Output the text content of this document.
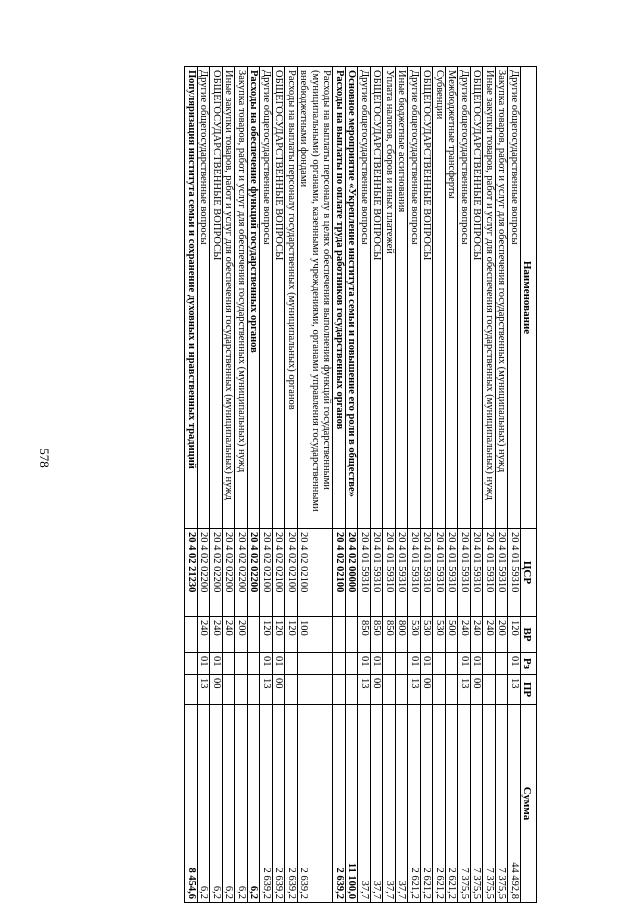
578
Наименование	ЦСР	ВР	Рз	ПР	Сумма
Другие общегосударственные вопросы	20 4 01 59310	120	01	13	44 492,8
Закупка товаров, работ и услуг для обеспечения государственных (муниципальных) нужд	20 4 01 59310	200			7 375,5
Иные закупки товаров, работ и услуг для обеспечения государственных (муниципальных) нужд	20 4 01 59310	240			7 375,5
ОБЩЕГОСУДАРСТВЕННЫЕ ВОПРОСЫ	20 4 01 59310	240	01	00	7 375,5
Другие общегосударственные вопросы	20 4 01 59310	240	01	13	7 375,5
Межбюджетные трансферты	20 4 01 59310	500			2 621,2
Субвенции	20 4 01 59310	530			2 621,2
ОБЩЕГОСУДАРСТВЕННЫЕ ВОПРОСЫ	20 4 01 59310	530	01	00	2 621,2
Другие общегосударственные вопросы	20 4 01 59310	530	01	13	2 621,2
Иные бюджетные ассигнования	20 4 01 59310	800			37,7
Уплата налогов, сборов и иных платежей	20 4 01 59310	850			37,7
ОБЩЕГОСУДАРСТВЕННЫЕ ВОПРОСЫ	20 4 01 59310	850	01	00	37,7
Другие общегосударственные вопросы	20 4 01 59310	850	01	13	37,7
Основное мероприятие «Укрепление института семьи и повышение его роли в обществе»	20 4 02 00000				11 100,0
Расходы на выплаты по оплате труда работников государственных органов	20 4 02 02100				2 639,2
Расходы на выплаты персоналу в целях обеспечения выполнения функций государственными (муниципальными) органами, казенными учреждениями, органами управления государственными внебюджетными фондами	20 4 02 02100	100			2 639,2
Расходы на выплаты персоналу государственных (муниципальных) органов	20 4 02 02100	120			2 639,2
ОБЩЕГОСУДАРСТВЕННЫЕ ВОПРОСЫ	20 4 02 02100	120	01	00	2 639,2
Другие общегосударственные вопросы	20 4 02 02100	120	01	13	2 639,2
Расходы на обеспечение функций государственных органов	20 4 02 02200				6,2
Закупка товаров, работ и услуг для обеспечения государственных (муниципальных) нужд	20 4 02 02200	200			6,2
Иные закупки товаров, работ и услуг для обеспечения государственных (муниципальных) нужд	20 4 02 02200	240			6,2
ОБЩЕГОСУДАРСТВЕННЫЕ ВОПРОСЫ	20 4 02 02200	240	01	00	6,2
Другие общегосударственные вопросы	20 4 02 02200	240	01	13	6,2
Популяризация института семьи и сохранение духовных и нравственных традиций	20 4 02 21230				8 454,6
